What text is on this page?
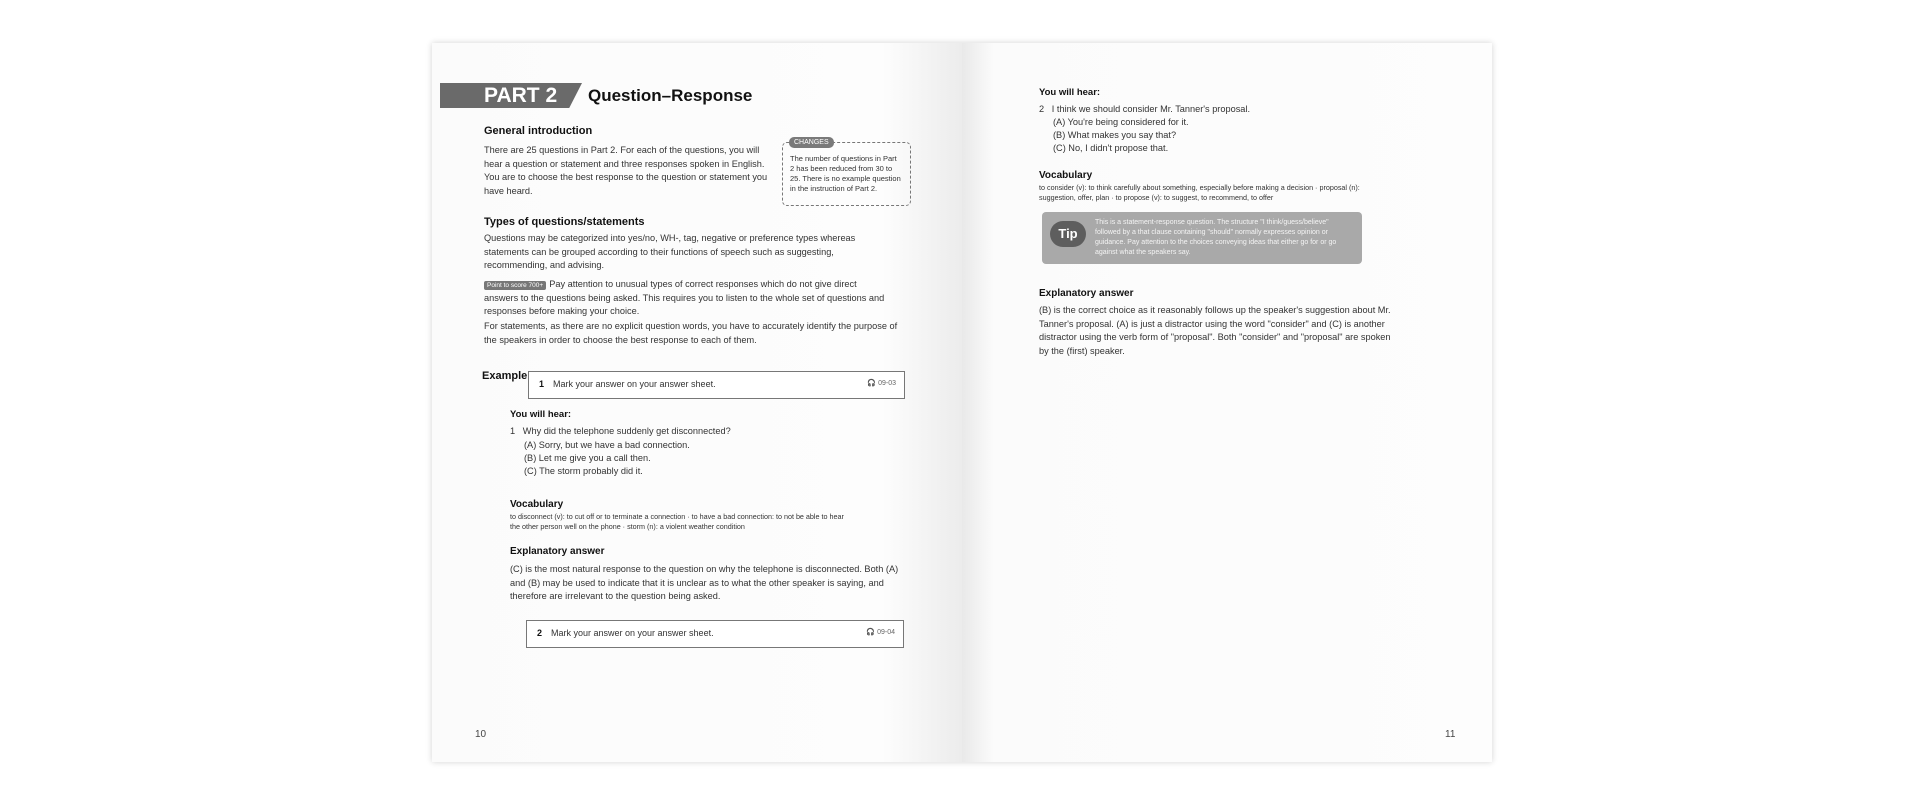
PART 2 Question–Response
General introduction

There are 25 questions in Part 2. For each of the questions, you will

hear a question or statement and three responses spoken in English.

You are to choose the best response to the question or statement you

have heard.

CHANGES

The number of questions in Part

2 has been reduced from 30 to

25. There is no example question

in the instruction of Part 2.

Types of questions/statements

Questions may be categorized into yes/no, WH-, tag, negative or preference types whereas

statements can be grouped according to their functions of speech such as suggesting,

recommending, and advising.

Point to score 700+ Pay attention to unusual types of correct responses which do not give direct

answers to the questions being asked. This requires you to listen to the whole set of questions and

responses before making your choice.

For statements, as there are no explicit question words, you have to accurately identify the purpose of

the speakers in order to choose the best response to each of them.

Example
1 Mark your answer on your answer sheet.	🎧 09-03
You will hear:
1 Why did the telephone suddenly get disconnected?

(A) Sorry, but we have a bad connection.

(B) Let me give you a call then.

(C) The storm probably did it.

Vocabulary

to disconnect (v): to cut off or to terminate a connection · to have a bad connection: to not be able to hear

the other person well on the phone · storm (n): a violent weather condition

Explanatory answer

(C) is the most natural response to the question on why the telephone is disconnected. Both (A)

and (B) may be used to indicate that it is unclear as to what the other speaker is saying, and

therefore are irrelevant to the question being asked.

2 Mark your answer on your answer sheet.	🎧 09-04
10
You will hear:
2 I think we should consider Mr. Tanner's proposal.

(A) You're being considered for it.

(B) What makes you say that?

(C) No, I didn't propose that.

Vocabulary

to consider (v): to think carefully about something, especially before making a decision · proposal (n):

suggestion, offer, plan · to propose (v): to suggest, to recommend, to offer

Tip

This is a statement-response question. The structure "I think/guess/believe"

followed by a that clause containing "should" normally expresses opinion or

guidance. Pay attention to the choices conveying ideas that either go for or go

against what the speakers say.

Explanatory answer

(B) is the correct choice as it reasonably follows up the speaker's suggestion about Mr.

Tanner's proposal. (A) is just a distractor using the word "consider" and (C) is another

distractor using the verb form of "proposal". Both "consider" and "proposal" are spoken

by the (first) speaker.

11
